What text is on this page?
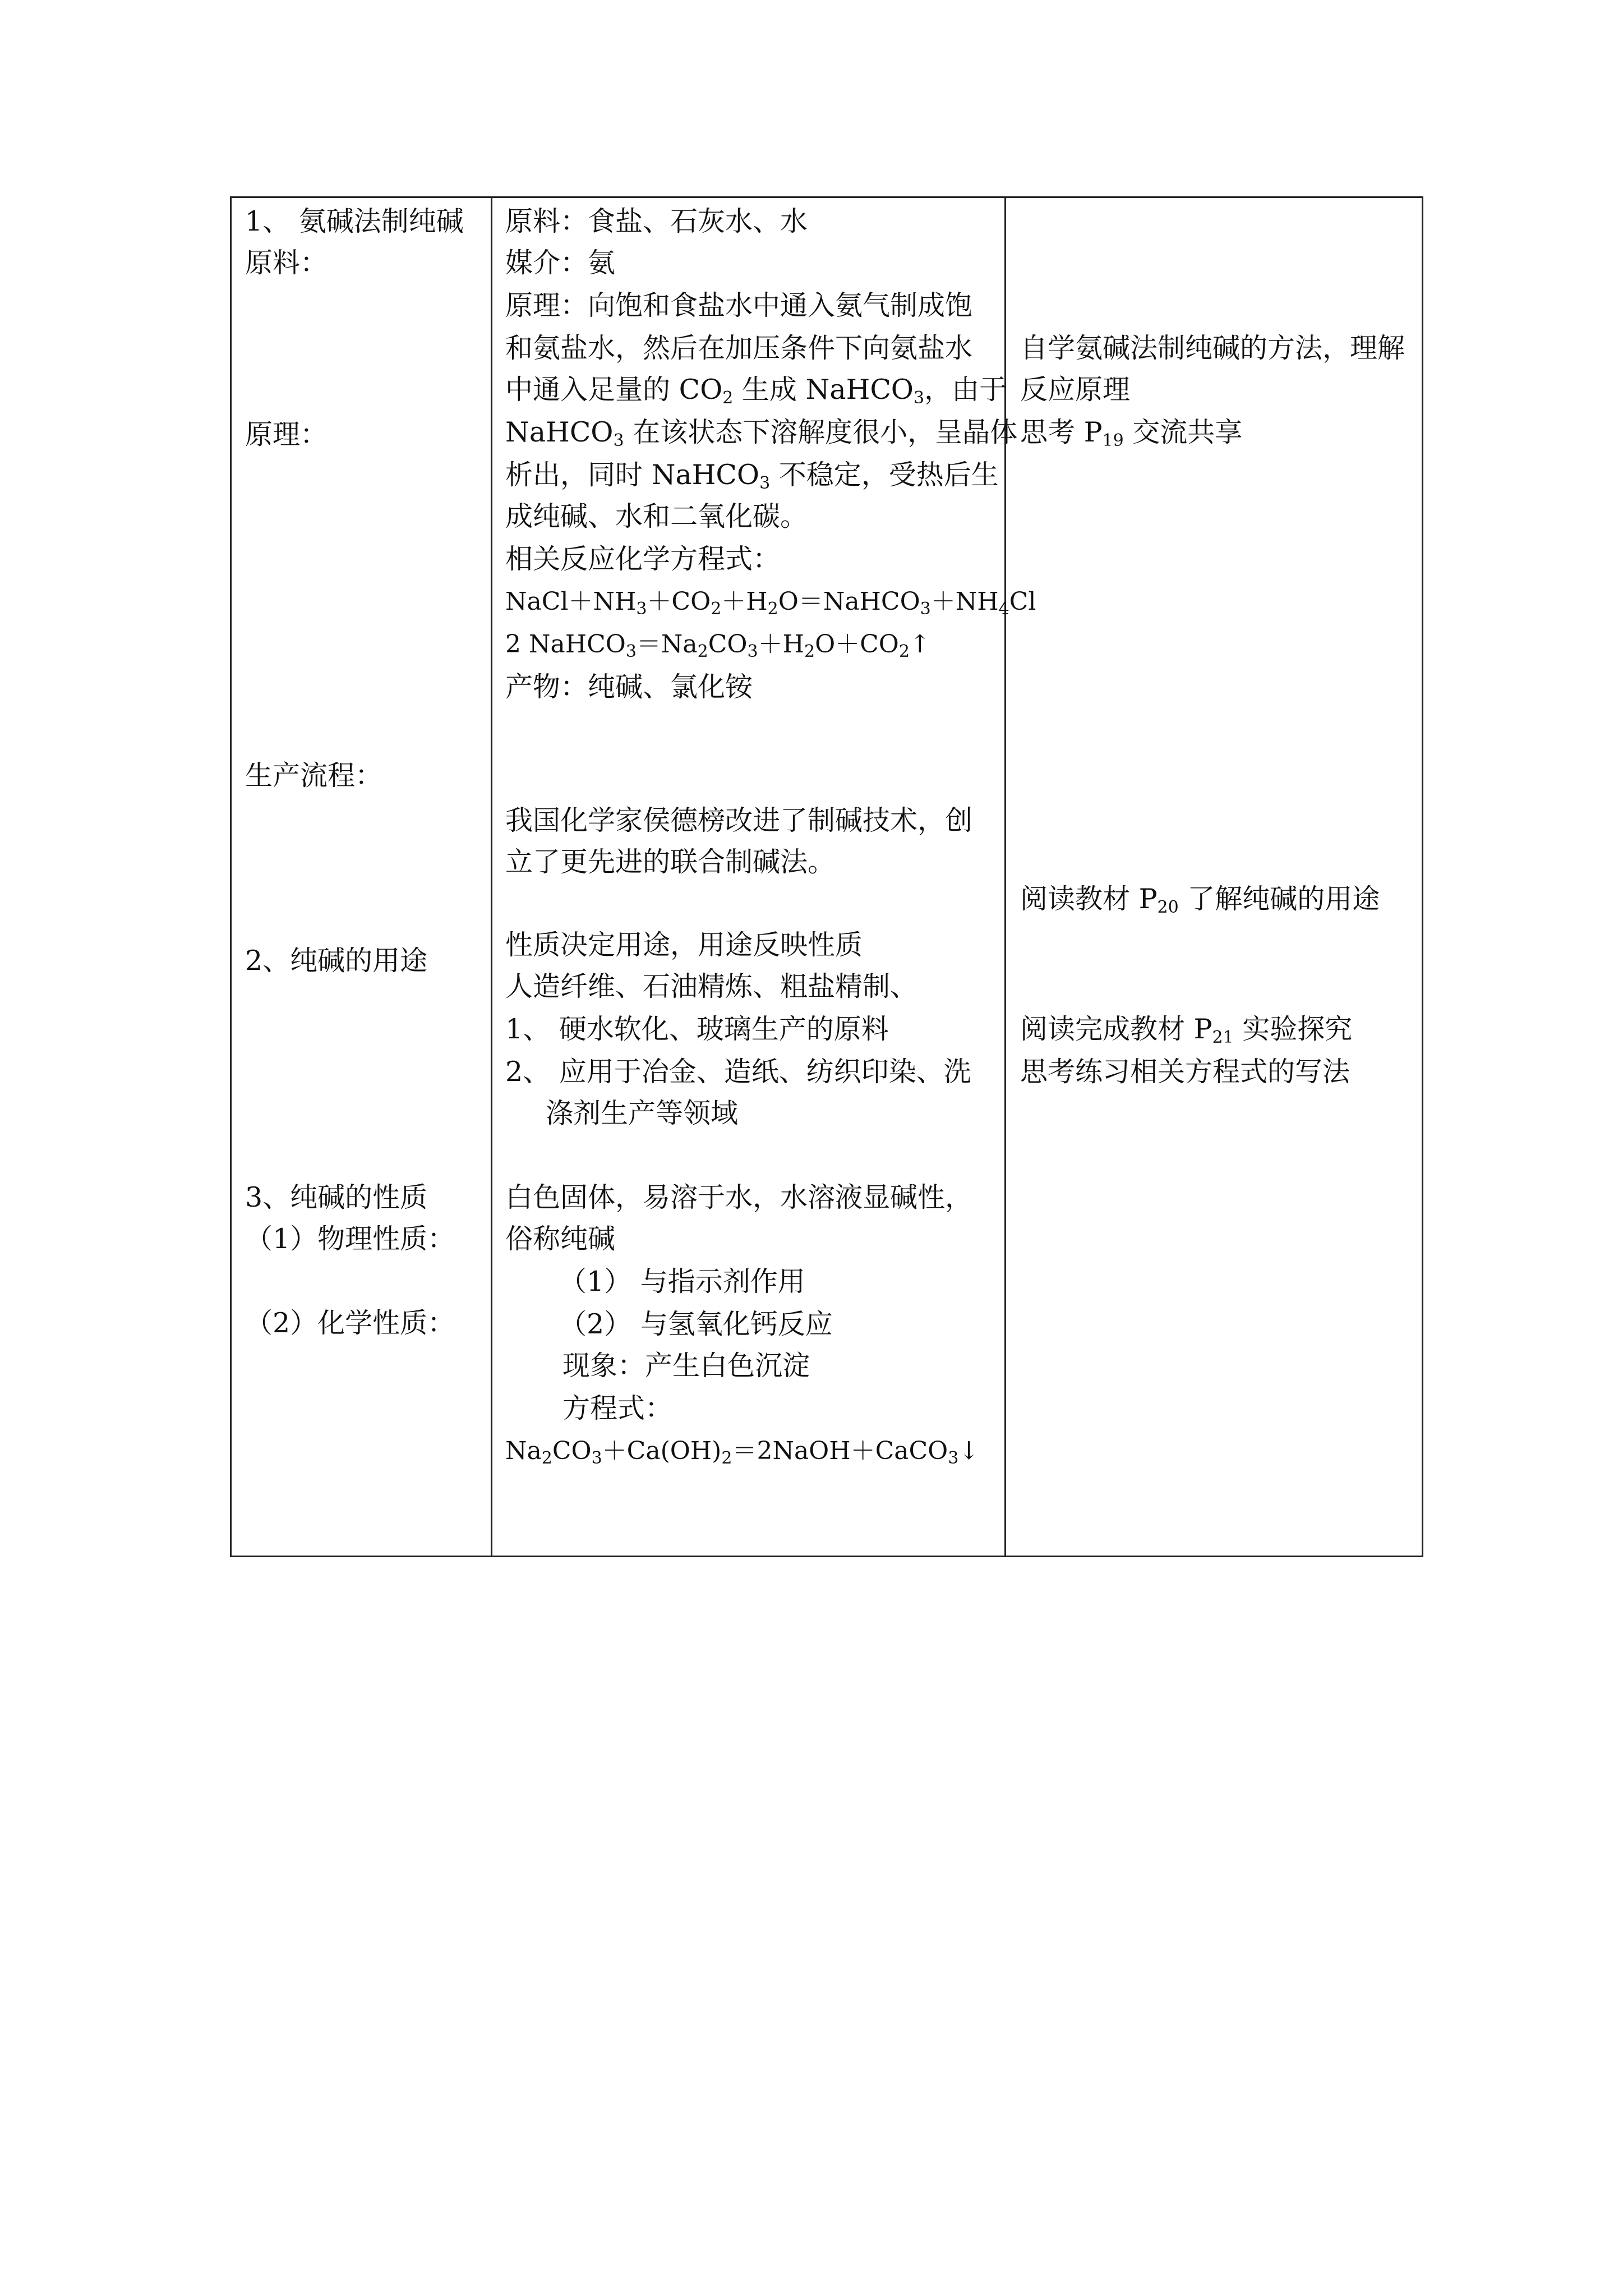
1、 氨碱法制纯碱
原料：
原理：
生产流程：
2、纯碱的用途
3、纯碱的性质
（1）物理性质：
（2）化学性质：
原料：食盐、石灰水、水
媒介：氨
原理：向饱和食盐水中通入氨气制成饱
和氨盐水，然后在加压条件下向氨盐水
中通入足量的 $CO_2$ 生成 NaHCO$_3$，由于
NaHCO$_3$ 在该状态下溶解度很小，呈晶体
析出，同时 NaHCO$_3$ 不稳定，受热后生
成纯碱、水和二氧化碳。
相关反应化学方程式：
$NaCl+NH_3+CO_2+H_2O=NaHCO_3+NH_4Cl$
2 $NaHCO_3=Na_2CO_3+H_2O+CO_2↑$
产物：纯碱、氯化铵
我国化学家侯德榜改进了制碱技术，创
立了更先进的联合制碱法。
性质决定用途，用途反映性质
人造纤维、石油精炼、粗盐精制、
1、 硬水软化、玻璃生产的原料
2、 应用于冶金、造纸、纺织印染、洗
涤剂生产等领域
白色固体，易溶于水，水溶液显碱性，
俗称纯碱
（1） 与指示剂作用
（2） 与氢氧化钙反应
现象：产生白色沉淀
方程式：
$Na_2CO_3+Ca(OH)_2=2NaOH+CaCO_3↓$
自学氨碱法制纯碱的方法，理解
反应原理
思考 $P_{19}$ 交流共享
阅读教材 $P_{20}$ 了解纯碱的用途
阅读完成教材 $P_{21}$ 实验探究
思考练习相关方程式的写法
